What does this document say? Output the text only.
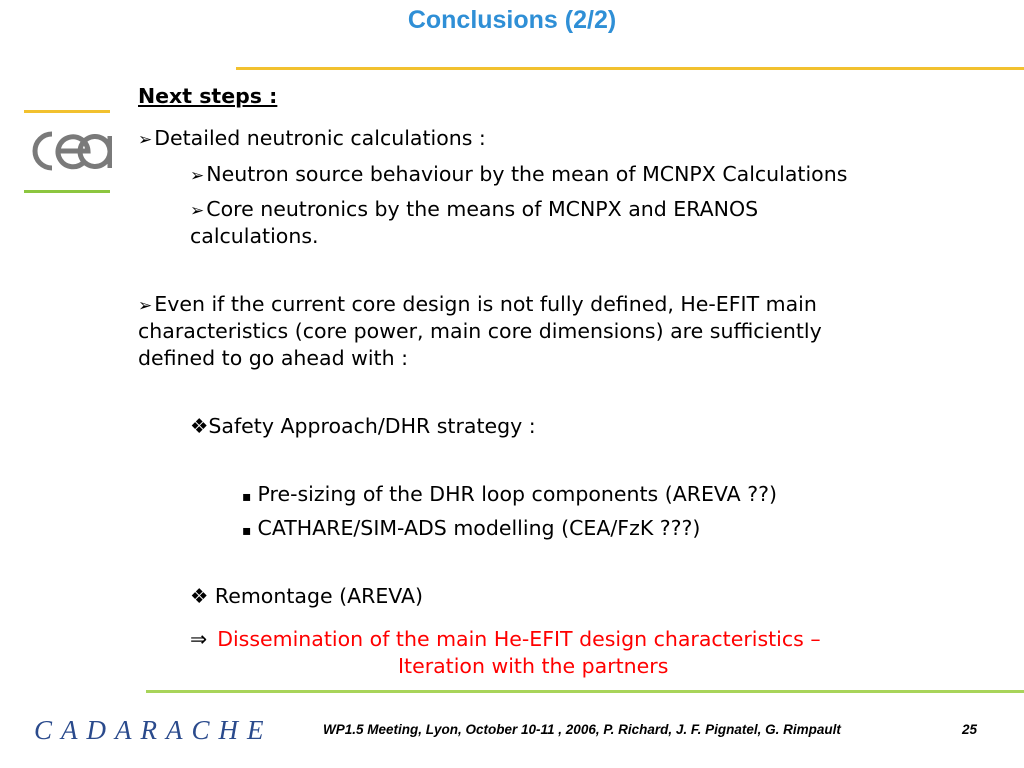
Conclusions (2/2)
Next steps :
➢Detailed neutronic calculations :
➢Neutron source behaviour by the mean of MCNPX Calculations
➢Core neutronics by the means of MCNPX and ERANOS
calculations.
➢Even if the current core design is not fully defined, He-EFIT main
characteristics (core power, main core dimensions) are sufficiently
defined to go ahead with :
❖Safety Approach/DHR strategy :
▪ Pre-sizing of the DHR loop components (AREVA ??)
▪ CATHARE/SIM-ADS modelling (CEA/FzK ???)
❖ Remontage (AREVA)
⇒ Dissemination of the main He-EFIT design characteristics –
Iteration with the partners
CADARACHE	WP1.5 Meeting, Lyon, October 10-11 , 2006, P. Richard, J. F. Pignatel, G. Rimpault	25
